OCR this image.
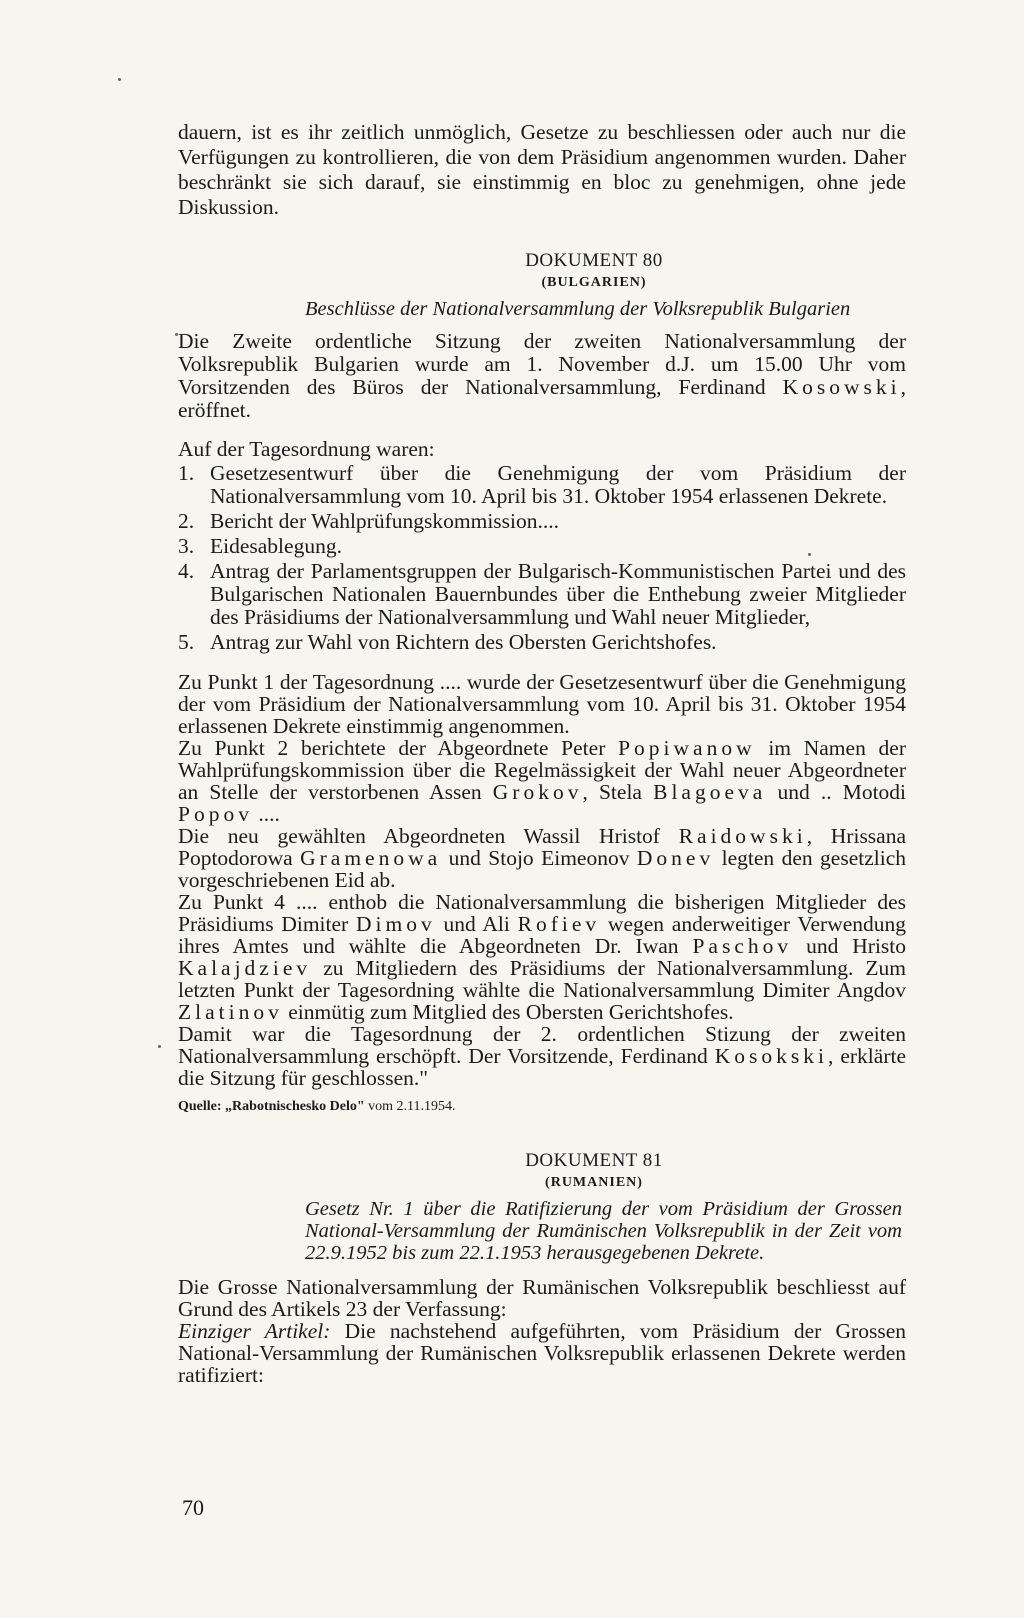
dauern, ist es ihr zeitlich unmöglich, Gesetze zu beschliessen oder auch nur die Verfügungen zu kontrollieren, die von dem Präsidium angenommen wurden. Daher beschränkt sie sich darauf, sie einstimmig en bloc zu genehmigen, ohne jede Diskussion.

DOKUMENT 80

(BULGARIEN)

Beschlüsse der Nationalversammlung der Volksrepublik Bulgarien

Die Zweite ordentliche Sitzung der zweiten Nationalversammlung der Volksrepublik Bulgarien wurde am 1. November d.J. um 15.00 Uhr vom Vorsitzenden des Büros der Nationalversammlung, Ferdinand Kosowski, eröffnet.

Auf der Tagesordnung waren:

1. Gesetzesentwurf über die Genehmigung der vom Präsidium der Nationalversammlung vom 10. April bis 31. Oktober 1954 erlassenen Dekrete.
2. Bericht der Wahlprüfungskommission....
3. Eidesablegung.
4. Antrag der Parlamentsgruppen der Bulgarisch-Kommunistischen Partei und des Bulgarischen Nationalen Bauernbundes über die Enthebung zweier Mitglieder des Präsidiums der Nationalversammlung und Wahl neuer Mitglieder,
5. Antrag zur Wahl von Richtern des Obersten Gerichtshofes.

Zu Punkt 1 der Tagesordnung .... wurde der Gesetzesentwurf über die Genehmigung der vom Präsidium der Nationalversammlung vom 10. April bis 31. Oktober 1954 erlassenen Dekrete einstimmig angenommen.

Zu Punkt 2 berichtete der Abgeordnete Peter Popiwanow im Namen der Wahlprüfungskommission über die Regelmässigkeit der Wahl neuer Abgeordneter an Stelle der verstorbenen Assen Grokov, Stela Blagoeva und .. Motodi Popov ....

Die neu gewählten Abgeordneten Wassil Hristof Raidowski, Hrissana Poptodorowa Gramenowa und Stojo Eimeonov Donev legten den gesetzlich vorgeschriebenen Eid ab.

Zu Punkt 4 .... enthob die Nationalversammlung die bisherigen Mitglieder des Präsidiums Dimiter Dimov und Ali Rofiev wegen anderweitiger Verwendung ihres Amtes und wählte die Abgeordneten Dr. Iwan Paschov und Hristo Kalajdziev zu Mitgliedern des Präsidiums der Nationalversammlung. Zum letzten Punkt der Tagesordning wählte die Nationalversammlung Dimiter Angdov Zlatinov einmütig zum Mitglied des Obersten Gerichtshofes.

Damit war die Tagesordnung der 2. ordentlichen Stizung der zweiten Nationalversammlung erschöpft. Der Vorsitzende, Ferdinand Kosokski, erklärte die Sitzung für geschlossen."

Quelle: „Rabotnischesko Delo" vom 2.11.1954.

DOKUMENT 81

(RUMANIEN)

Gesetz Nr. 1 über die Ratifizierung der vom Präsidium der Grossen National-Versammlung der Rumänischen Volksrepublik in der Zeit vom 22.9.1952 bis zum 22.1.1953 herausgegebenen Dekrete.

Die Grosse Nationalversammlung der Rumänischen Volksrepublik beschliesst auf Grund des Artikels 23 der Verfassung:

Einziger Artikel: Die nachstehend aufgeführten, vom Präsidium der Grossen National-Versammlung der Rumänischen Volksrepublik erlassenen Dekrete werden ratifiziert:

70
